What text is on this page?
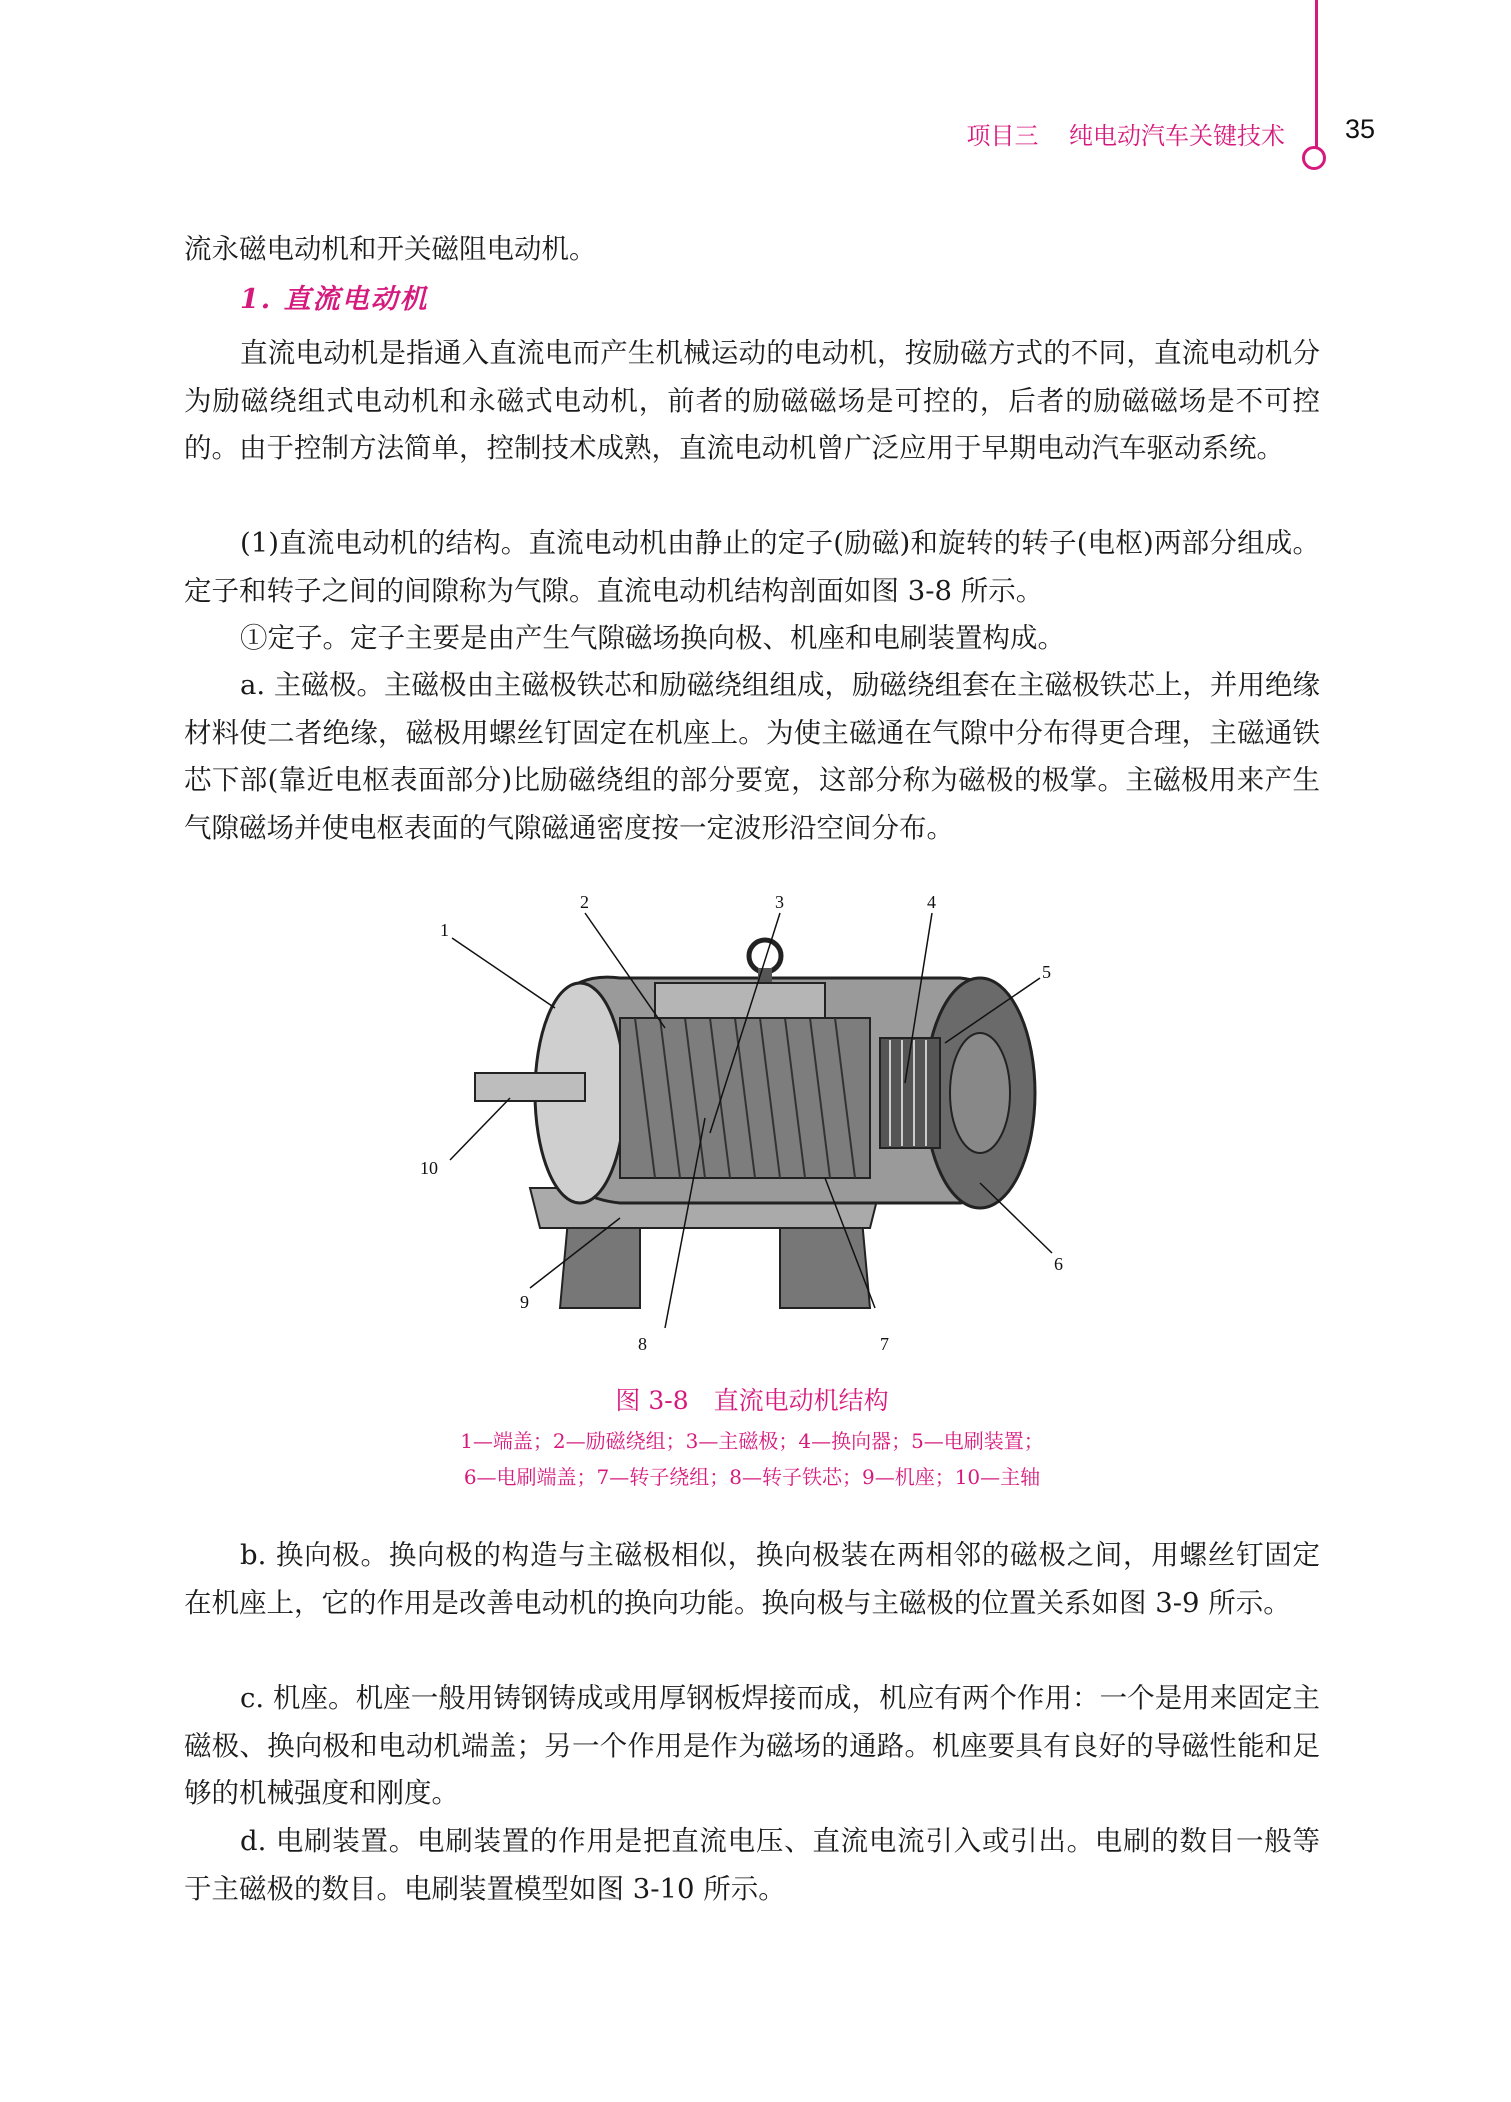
项目三 纯电动汽车关键技术 35
流永磁电动机和开关磁阻电动机。
1. 直流电动机
直流电动机是指通入直流电而产生机械运动的电动机，按励磁方式的不同，直流电动机分为励磁绕组式电动机和永磁式电动机，前者的励磁磁场是可控的，后者的励磁磁场是不可控的。由于控制方法简单，控制技术成熟，直流电动机曾广泛应用于早期电动汽车驱动系统。
(1)直流电动机的结构。直流电动机由静止的定子(励磁)和旋转的转子(电枢)两部分组成。定子和转子之间的间隙称为气隙。直流电动机结构剖面如图 3-8 所示。
①定子。定子主要是由产生气隙磁场换向极、机座和电刷装置构成。
a. 主磁极。主磁极由主磁极铁芯和励磁绕组组成，励磁绕组套在主磁极铁芯上，并用绝缘材料使二者绝缘，磁极用螺丝钉固定在机座上。为使主磁通在气隙中分布得更合理，主磁通铁芯下部(靠近电枢表面部分)比励磁绕组的部分要宽，这部分称为磁极的极掌。主磁极用来产生气隙磁场并使电枢表面的气隙磁通密度按一定波形沿空间分布。
1
2	3	4
5
6
7
8
9
10
图 3-8　直流电动机结构
1—端盖；2—励磁绕组；3—主磁极；4—换向器；5—电刷装置；
6—电刷端盖；7—转子绕组；8—转子铁芯；9—机座；10—主轴
b. 换向极。换向极的构造与主磁极相似，换向极装在两相邻的磁极之间，用螺丝钉固定在机座上，它的作用是改善电动机的换向功能。换向极与主磁极的位置关系如图 3-9 所示。
c. 机座。机座一般用铸钢铸成或用厚钢板焊接而成，机应有两个作用：一个是用来固定主磁极、换向极和电动机端盖；另一个作用是作为磁场的通路。机座要具有良好的导磁性能和足够的机械强度和刚度。
d. 电刷装置。电刷装置的作用是把直流电压、直流电流引入或引出。电刷的数目一般等于主磁极的数目。电刷装置模型如图 3-10 所示。
